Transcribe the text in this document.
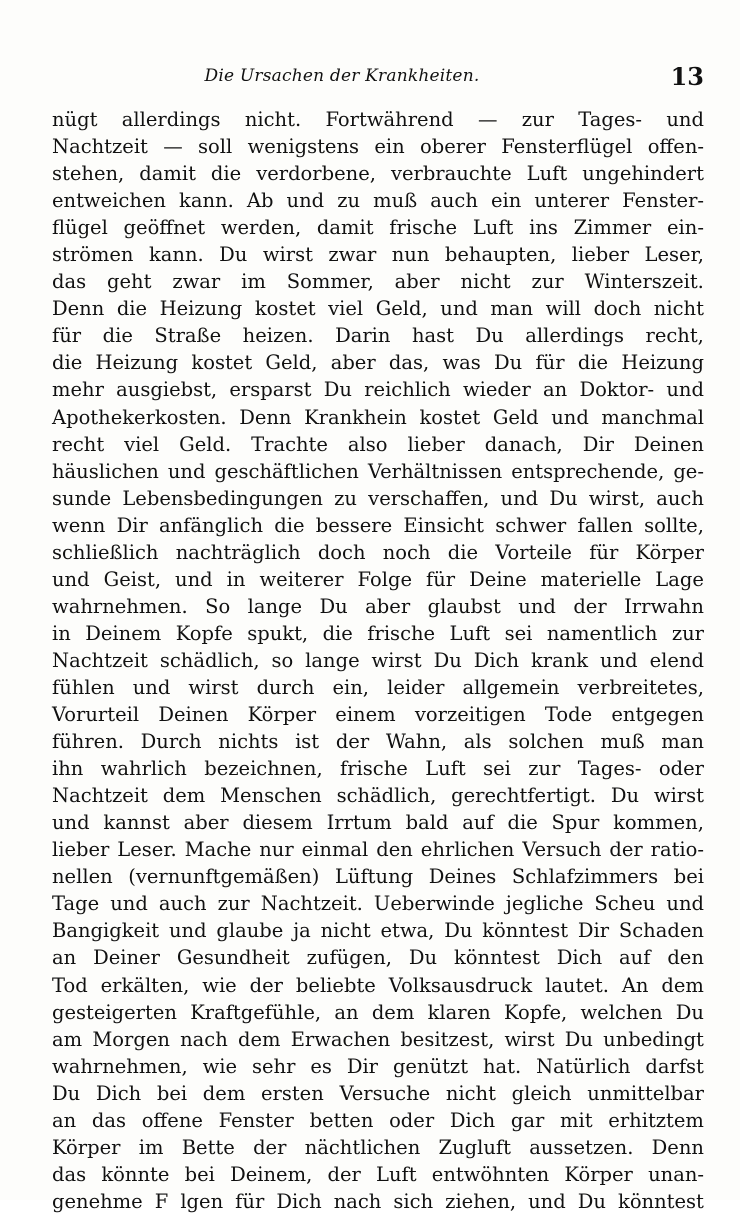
Die Ursachen der Krankheiten.	13
nügt allerdings nicht. Fortwährend — zur Tages- und
Nachtzeit — soll wenigstens ein oberer Fensterflügel offen-
stehen, damit die verdorbene, verbrauchte Luft ungehindert
entweichen kann. Ab und zu muß auch ein unterer Fenster-
flügel geöffnet werden, damit frische Luft ins Zimmer ein-
strömen kann. Du wirst zwar nun behaupten, lieber Leser,
das geht zwar im Sommer, aber nicht zur Winterszeit.
Denn die Heizung kostet viel Geld, und man will doch nicht
für die Straße heizen. Darin hast Du allerdings recht,
die Heizung kostet Geld, aber das, was Du für die Heizung
mehr ausgiebst, ersparst Du reichlich wieder an Doktor- und
Apothekerkosten. Denn Krankhein kostet Geld und manchmal
recht viel Geld. Trachte also lieber danach, Dir Deinen
häuslichen und geschäftlichen Verhältnissen entsprechende, ge-
sunde Lebensbedingungen zu verschaffen, und Du wirst, auch
wenn Dir anfänglich die bessere Einsicht schwer fallen sollte,
schließlich nachträglich doch noch die Vorteile für Körper
und Geist, und in weiterer Folge für Deine materielle Lage
wahrnehmen. So lange Du aber glaubst und der Irrwahn
in Deinem Kopfe spukt, die frische Luft sei namentlich zur
Nachtzeit schädlich, so lange wirst Du Dich krank und elend
fühlen und wirst durch ein, leider allgemein verbreitetes,
Vorurteil Deinen Körper einem vorzeitigen Tode entgegen
führen. Durch nichts ist der Wahn, als solchen muß man
ihn wahrlich bezeichnen, frische Luft sei zur Tages- oder
Nachtzeit dem Menschen schädlich, gerechtfertigt. Du wirst
und kannst aber diesem Irrtum bald auf die Spur kommen,
lieber Leser. Mache nur einmal den ehrlichen Versuch der ratio-
nellen (vernunftgemäßen) Lüftung Deines Schlafzimmers bei
Tage und auch zur Nachtzeit. Ueberwinde jegliche Scheu und
Bangigkeit und glaube ja nicht etwa, Du könntest Dir Schaden
an Deiner Gesundheit zufügen, Du könntest Dich auf den
Tod erkälten, wie der beliebte Volksausdruck lautet. An dem
gesteigerten Kraftgefühle, an dem klaren Kopfe, welchen Du
am Morgen nach dem Erwachen besitzest, wirst Du unbedingt
wahrnehmen, wie sehr es Dir genützt hat. Natürlich darfst
Du Dich bei dem ersten Versuche nicht gleich unmittelbar
an das offene Fenster betten oder Dich gar mit erhitztem
Körper im Bette der nächtlichen Zugluft aussetzen. Denn
das könnte bei Deinem, der Luft entwöhnten Körper unan-
genehme F lgen für Dich nach sich ziehen, und Du könntest
